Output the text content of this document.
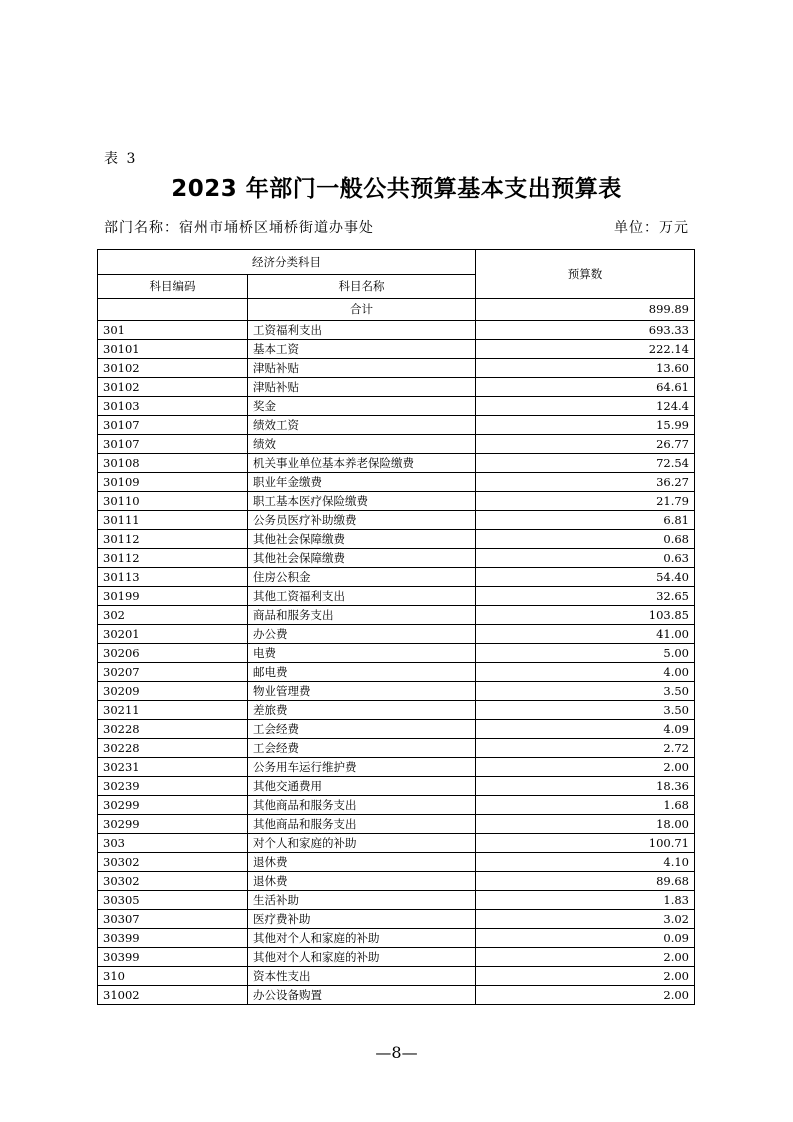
表 3
2023 年部门一般公共预算基本支出预算表
部门名称：宿州市埇桥区埇桥街道办事处	单位：万元
经济分类科目		预算数
科目编码	科目名称	
	合计	899.89
301	工资福利支出	693.33
30101	基本工资	222.14
30102	津贴补贴	13.60
30102	津贴补贴	64.61
30103	奖金	124.4
30107	绩效工资	15.99
30107	绩效	26.77
30108	机关事业单位基本养老保险缴费	72.54
30109	职业年金缴费	36.27
30110	职工基本医疗保险缴费	21.79
30111	公务员医疗补助缴费	6.81
30112	其他社会保障缴费	0.68
30112	其他社会保障缴费	0.63
30113	住房公积金	54.40
30199	其他工资福利支出	32.65
302	商品和服务支出	103.85
30201	办公费	41.00
30206	电费	5.00
30207	邮电费	4.00
30209	物业管理费	3.50
30211	差旅费	3.50
30228	工会经费	4.09
30228	工会经费	2.72
30231	公务用车运行维护费	2.00
30239	其他交通费用	18.36
30299	其他商品和服务支出	1.68
30299	其他商品和服务支出	18.00
303	对个人和家庭的补助	100.71
30302	退休费	4.10
30302	退休费	89.68
30305	生活补助	1.83
30307	医疗费补助	3.02
30399	其他对个人和家庭的补助	0.09
30399	其他对个人和家庭的补助	2.00
310	资本性支出	2.00
31002	办公设备购置	2.00
—8—
